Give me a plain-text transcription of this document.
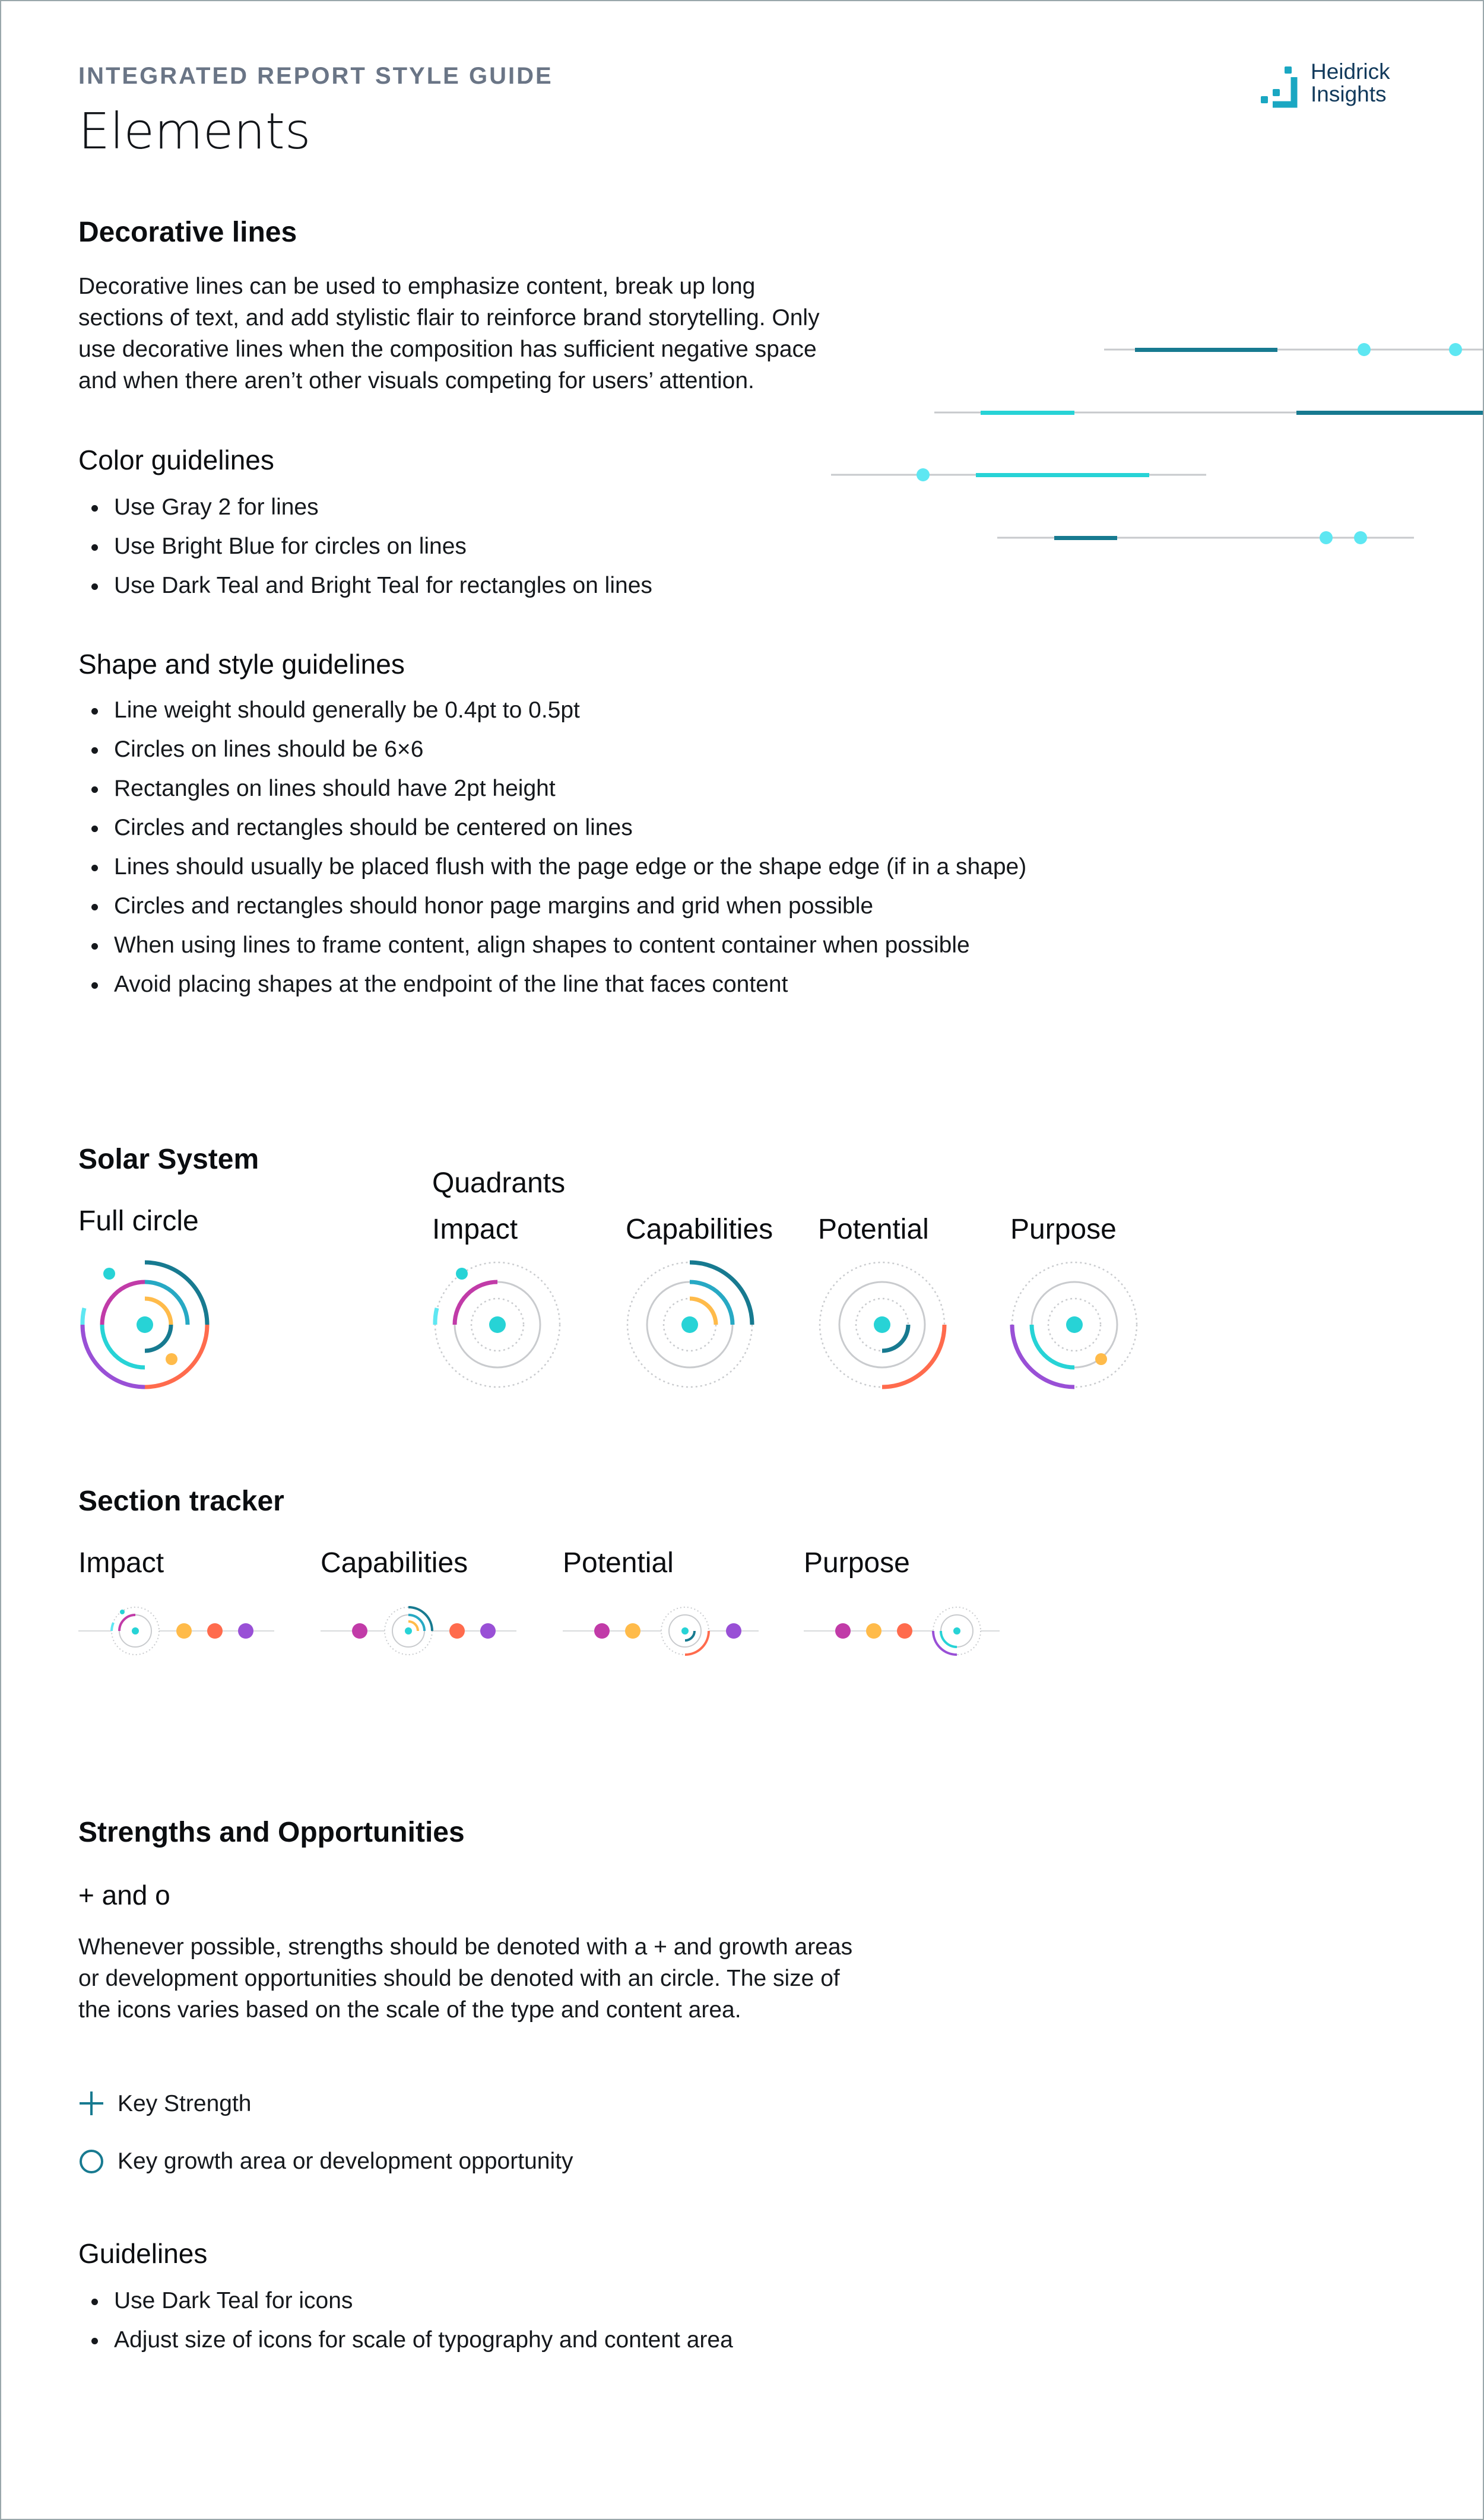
INTEGRATED REPORT STYLE GUIDE
Elements
Heidrick
Insights
Decorative lines
Decorative lines can be used to emphasize content, break up long
sections of text, and add stylistic flair to reinforce brand storytelling. Only
use decorative lines when the composition has sufficient negative space
and when there aren’t other visuals competing for users’ attention.
Color guidelines
Use Gray 2 for lines
Use Bright Blue for circles on lines
Use Dark Teal and Bright Teal for rectangles on lines
Shape and style guidelines
Line weight should generally be 0.4pt to 0.5pt
Circles on lines should be 6×6
Rectangles on lines should have 2pt height
Circles and rectangles should be centered on lines
Lines should usually be placed flush with the page edge or the shape edge (if in a shape)
Circles and rectangles should honor page margins and grid when possible
When using lines to frame content, align shapes to content container when possible
Avoid placing shapes at the endpoint of the line that faces content
Solar System
Full circle
Quadrants
Impact	Capabilities Potential	Purpose
Section tracker
Impact	Capabilities	Potential	Purpose
Strengths and Opportunities
+ and o
Whenever possible, strengths should be denoted with a + and growth areas
or development opportunities should be denoted with an circle. The size of
the icons varies based on the scale of the type and content area.
Key Strength
Key growth area or development opportunity
Guidelines
Use Dark Teal for icons
Adjust size of icons for scale of typography and content area
